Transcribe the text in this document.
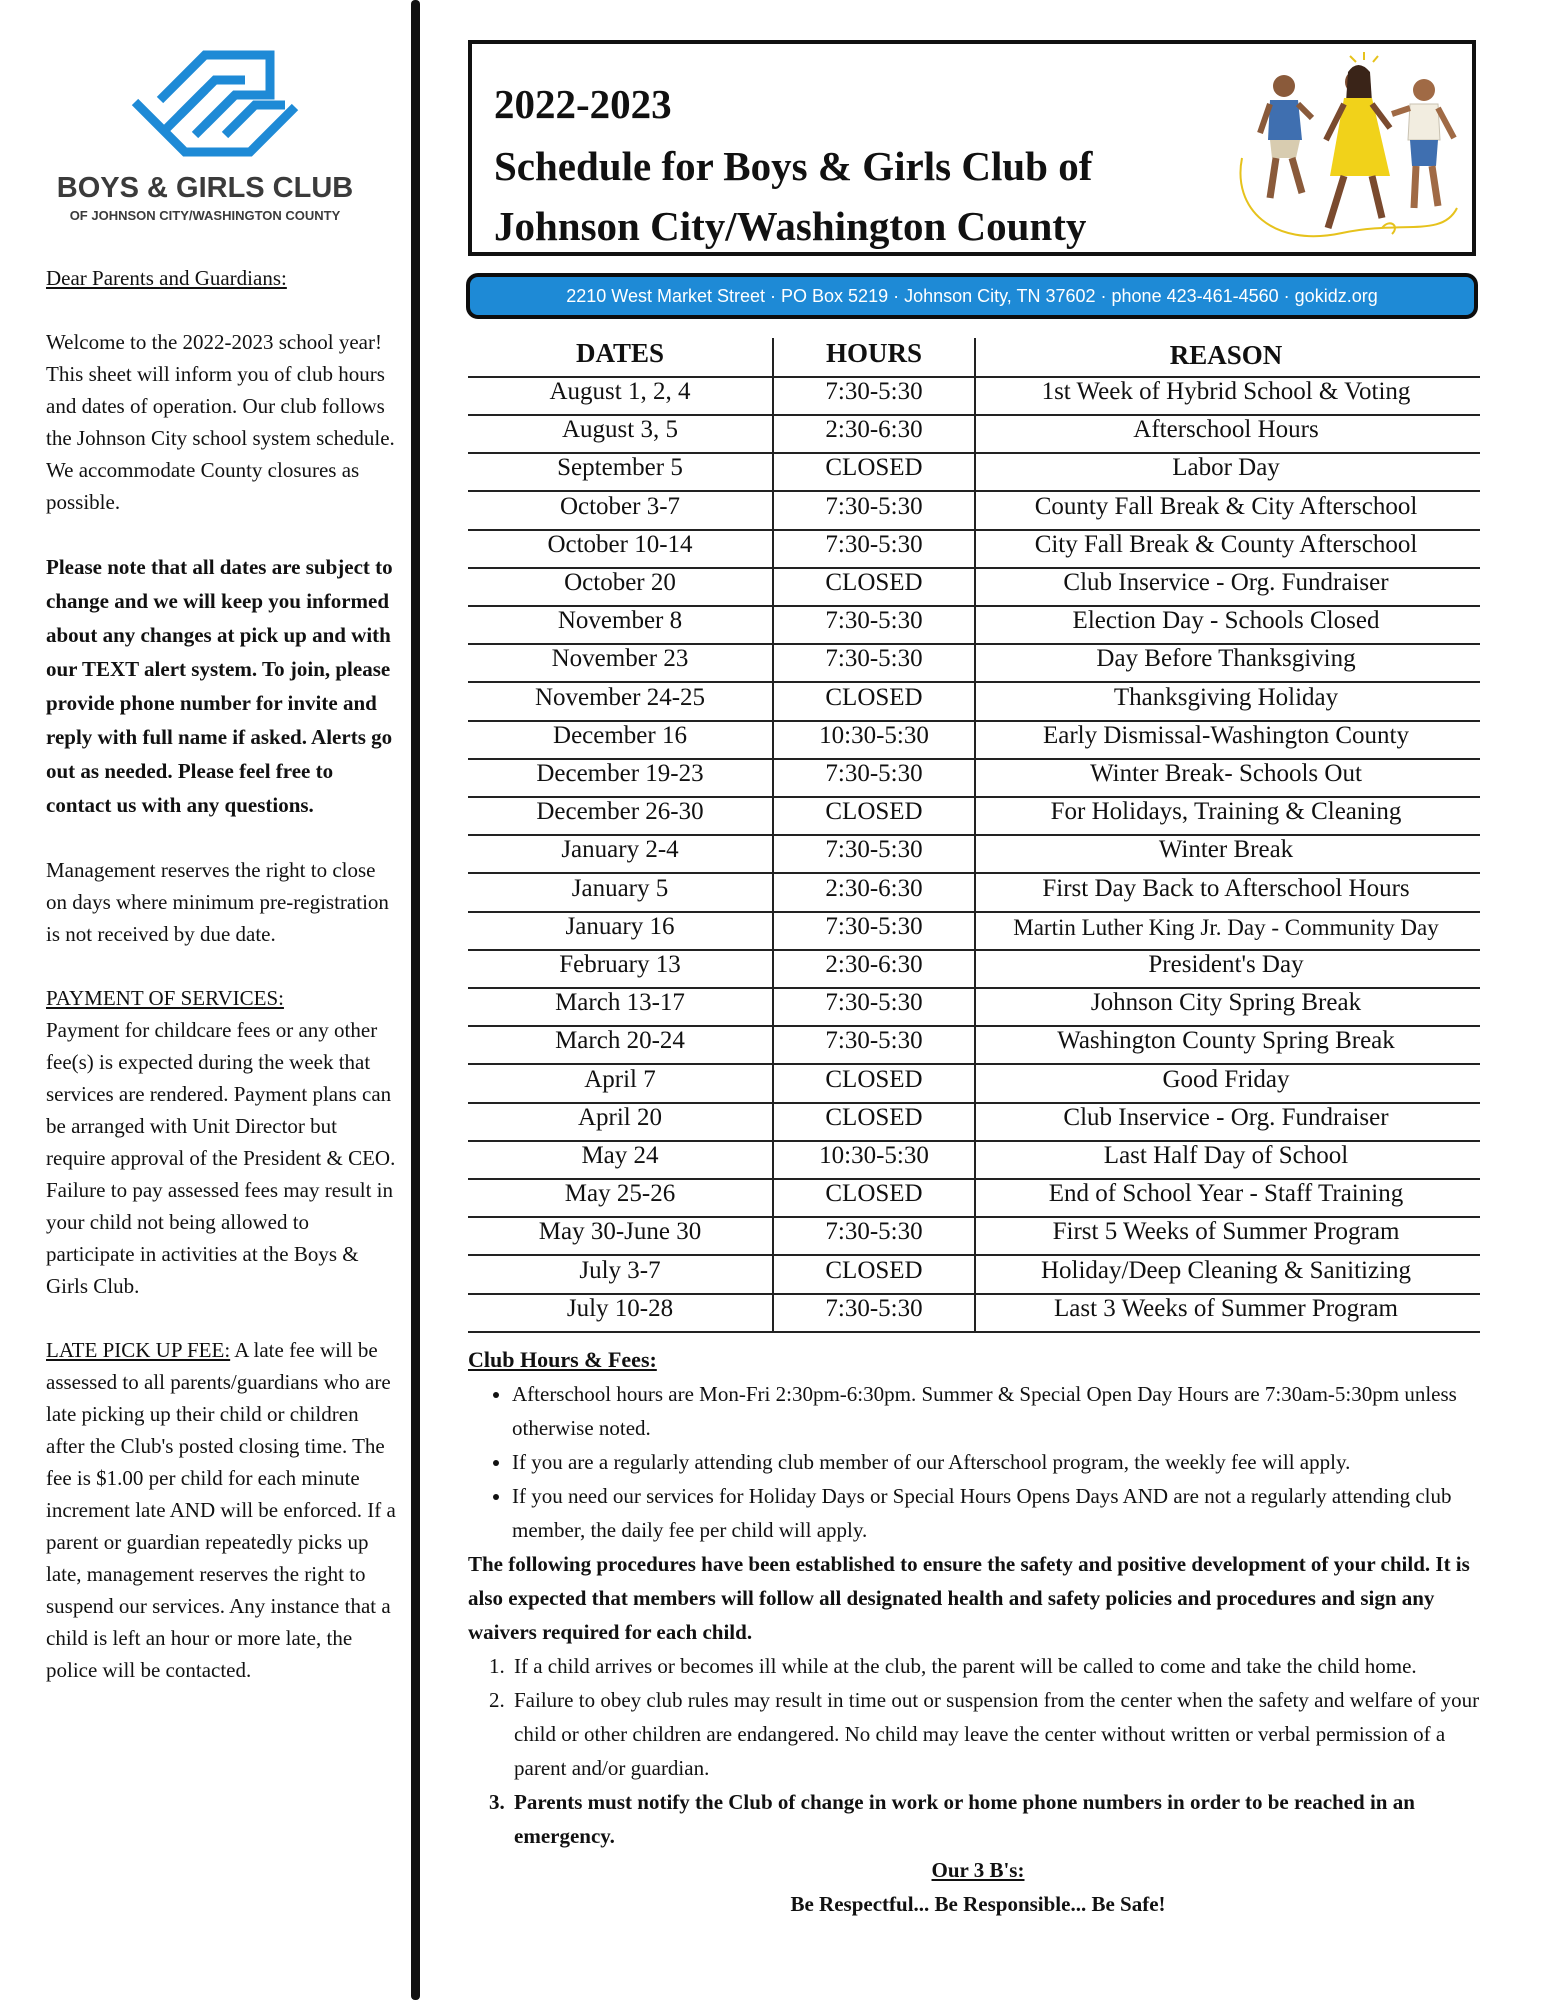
BOYS & GIRLS CLUB
OF JOHNSON CITY/WASHINGTON COUNTY

Dear Parents and Guardians:

Welcome to the 2022-2023 school year! This sheet will inform you of club hours and dates of operation. Our club follows the Johnson City school system schedule. We accommodate County closures as possible.

Please note that all dates are subject to change and we will keep you informed about any changes at pick up and with our TEXT alert system. To join, please provide phone number for invite and reply with full name if asked. Alerts go out as needed. Please feel free to contact us with any questions.

Management reserves the right to close on days where minimum pre-registration is not received by due date.

PAYMENT OF SERVICES:
Payment for childcare fees or any other fee(s) is expected during the week that services are rendered. Payment plans can be arranged with Unit Director but require approval of the President & CEO. Failure to pay assessed fees may result in your child not being allowed to participate in activities at the Boys & Girls Club.

LATE PICK UP FEE: A late fee will be assessed to all parents/guardians who are late picking up their child or children after the Club's posted closing time. The fee is $1.00 per child for each minute increment late AND will be enforced. If a parent or guardian repeatedly picks up late, management reserves the right to suspend our services. Any instance that a child is left an hour or more late, the police will be contacted.

2022-2023
Schedule for Boys & Girls Club of
Johnson City/Washington County
2210 West Market Street · PO Box 5219 · Johnson City, TN 37602 · phone 423-461-4560 · gokidz.org
DATES	HOURS	REASON
August 1, 2, 4	7:30-5:30	1st Week of Hybrid School & Voting
August 3, 5	2:30-6:30	Afterschool Hours
September 5	CLOSED	Labor Day
October 3-7	7:30-5:30	County Fall Break & City Afterschool
October 10-14	7:30-5:30	City Fall Break & County Afterschool
October 20	CLOSED	Club Inservice - Org. Fundraiser
November 8	7:30-5:30	Election Day - Schools Closed
November 23	7:30-5:30	Day Before Thanksgiving
November 24-25	CLOSED	Thanksgiving Holiday
December 16	10:30-5:30	Early Dismissal-Washington County
December 19-23	7:30-5:30	Winter Break- Schools Out
December 26-30	CLOSED	For Holidays, Training & Cleaning
January 2-4	7:30-5:30	Winter Break
January 5	2:30-6:30	First Day Back to Afterschool Hours
January 16	7:30-5:30	Martin Luther King Jr. Day - Community Day
February 13	2:30-6:30	President's Day
March 13-17	7:30-5:30	Johnson City Spring Break
March 20-24	7:30-5:30	Washington County Spring Break
April 7	CLOSED	Good Friday
April 20	CLOSED	Club Inservice - Org. Fundraiser
May 24	10:30-5:30	Last Half Day of School
May 25-26	CLOSED	End of School Year - Staff Training
May 30-June 30	7:30-5:30	First 5 Weeks of Summer Program
July 3-7	CLOSED	Holiday/Deep Cleaning & Sanitizing
July 10-28	7:30-5:30	Last 3 Weeks of Summer Program
Club Hours & Fees:
• Afterschool hours are Mon-Fri 2:30pm-6:30pm. Summer & Special Open Day Hours are 7:30am-5:30pm unless otherwise noted.
• If you are a regularly attending club member of our Afterschool program, the weekly fee will apply.
• If you need our services for Holiday Days or Special Hours Opens Days AND are not a regularly attending club member, the daily fee per child will apply.

The following procedures have been established to ensure the safety and positive development of your child. It is also expected that members will follow all designated health and safety policies and procedures and sign any waivers required for each child.

1. If a child arrives or becomes ill while at the club, the parent will be called to come and take the child home.
2. Failure to obey club rules may result in time out or suspension from the center when the safety and welfare of your child or other children are endangered. No child may leave the center without written or verbal permission of a parent and/or guardian.
3. Parents must notify the Club of change in work or home phone numbers in order to be reached in an emergency.

Our 3 B's:

Be Respectful... Be Responsible... Be Safe!
